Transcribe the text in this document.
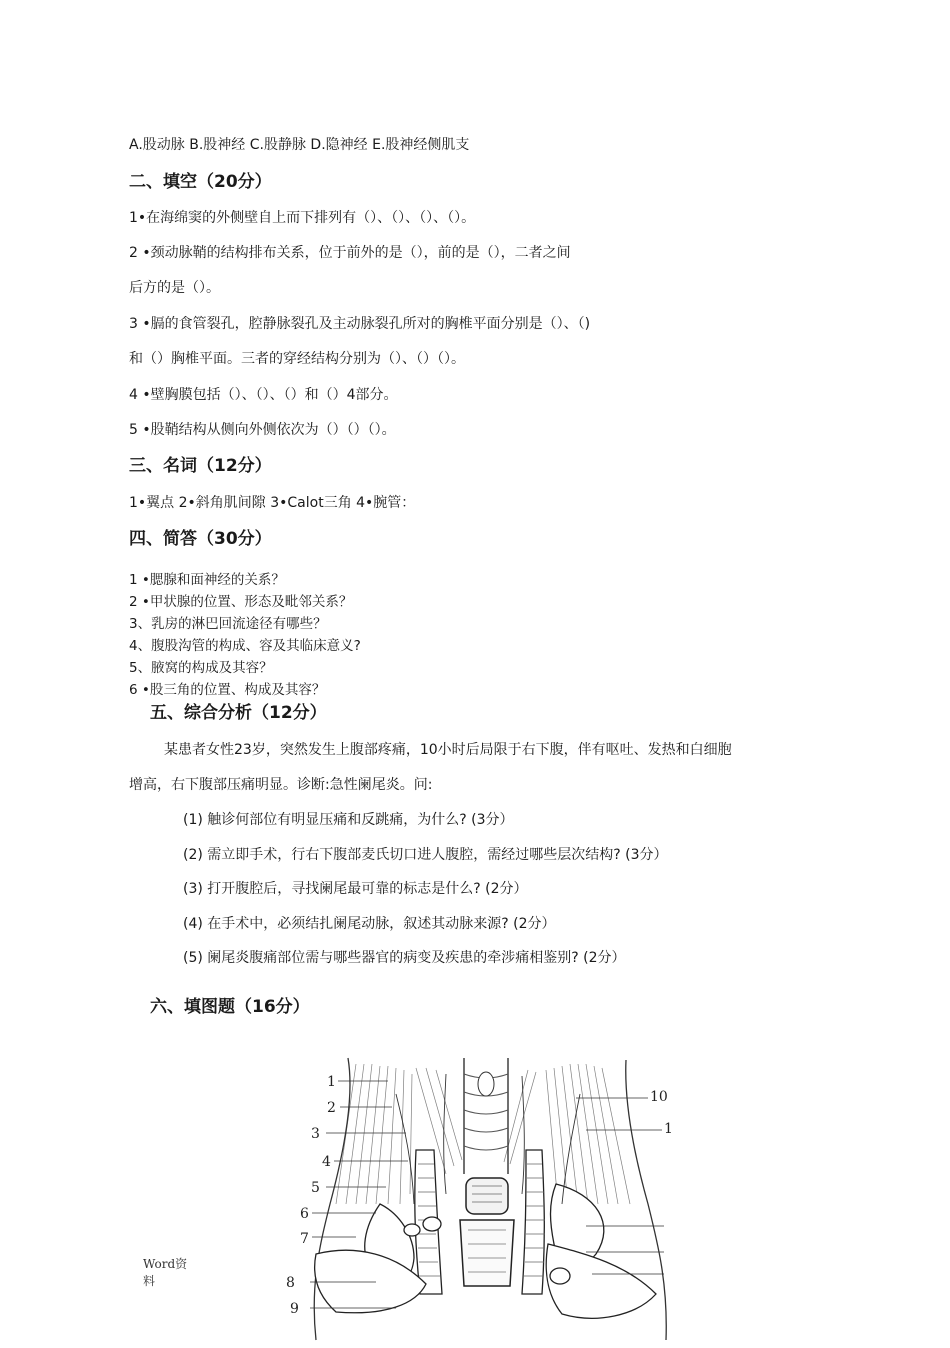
A.股动脉 B.股神经 C.股静脉 D.隐神经 E.股神经侧肌支
二、填空（20分）
1•在海绵窦的外侧壁自上而下排列有（）、（）、（）、（）。
2 •颈动脉鞘的结构排布关系，位于前外的是（），前的是（），二者之间
后方的是（）。
3 •膈的食管裂孔，腔静脉裂孔及主动脉裂孔所对的胸椎平面分别是（）、（)
和（）胸椎平面。三者的穿经结构分别为（）、（）（）。
4 •壁胸膜包括（）、（）、（）和（）4部分。
5 •股鞘结构从侧向外侧依次为（）（）（）。
三、名词（12分）
1•翼点 2•斜角肌间隙 3•Calot三角 4•腕管：
四、简答（30分）
1 •腮腺和面神经的关系？
2 •甲状腺的位置、形态及毗邻关系？
3、乳房的淋巴回流途径有哪些？
4、腹股沟管的构成、容及其临床意义?
5、腋窝的构成及其容？
6 •股三角的位置、构成及其容？
五、综合分析（12分）
某患者女性23岁，突然发生上腹部疼痛，10小时后局限于右下腹，伴有呕吐、发热和白细胞
增高，右下腹部压痛明显。诊断:急性阑尾炎。问:
(1) 触诊何部位有明显压痛和反跳痛，为什么? (3分）
(2) 需立即手术，行右下腹部麦氏切口进人腹腔，需经过哪些层次结构? (3分）
(3) 打开腹腔后，寻找阑尾最可靠的标志是什么? (2分）
(4) 在手术中，必须结扎阑尾动脉，叙述其动脉来源? (2分）
(5) 阑尾炎腹痛部位需与哪些器官的病变及疾患的牵涉痛相鉴别? (2分）
六、填图题（16分）
1
2
3
4
5
6
7
8
9
10
1
Word资
料
